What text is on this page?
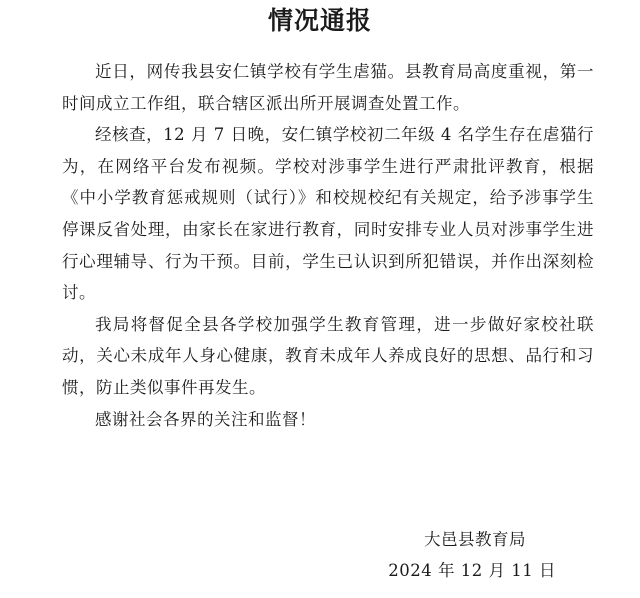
情况通报

近日，网传我县安仁镇学校有学生虐猫。县教育局高度重视，第一时间成立工作组，联合辖区派出所开展调查处置工作。

经核查，12 月 7 日晚，安仁镇学校初二年级 4 名学生存在虐猫行为，在网络平台发布视频。学校对涉事学生进行严肃批评教育，根据《中小学教育惩戒规则（试行）》和校规校纪有关规定，给予涉事学生停课反省处理，由家长在家进行教育，同时安排专业人员对涉事学生进行心理辅导、行为干预。目前，学生已认识到所犯错误，并作出深刻检讨。

我局将督促全县各学校加强学生教育管理，进一步做好家校社联动，关心未成年人身心健康，教育未成年人养成良好的思想、品行和习惯，防止类似事件再发生。

感谢社会各界的关注和监督！

大邑县教育局
2024 年 12 月 11 日
